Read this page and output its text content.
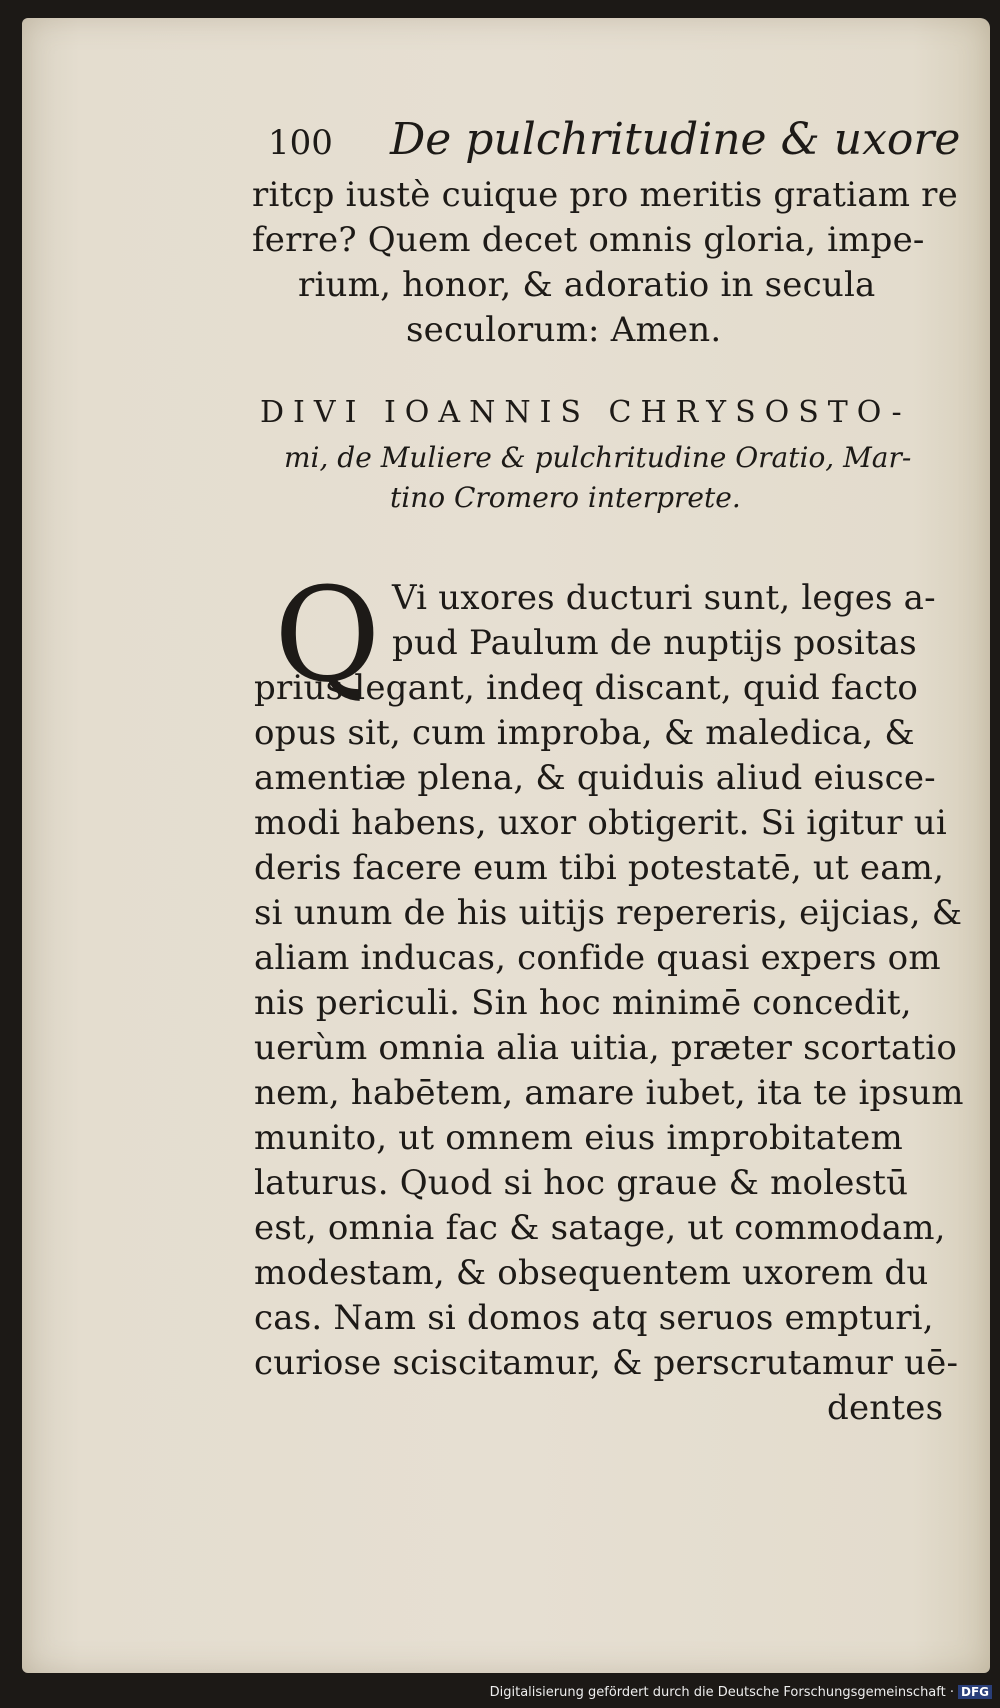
100 De pulchritudine & uxore
ritcp iustè cuique pro meritis gratiam re
ferre? Quem decet omnis gloria, impe-
rium, honor, & adoratio in secula
seculorum: Amen.
DIVI IOANNIS CHRYSOSTO-
mi, de Muliere & pulchritudine Oratio, Mar-
tino Cromero interprete.
Q Vi uxores ducturi sunt, leges a-
pud Paulum de nuptijs positas
prius legant, indeq discant, quid facto
opus sit, cum improba, & maledica, &
amentiæ plena, & quiduis aliud eiusce-
modi habens, uxor obtigerit. Si igitur ui
deris facere eum tibi potestatē, ut eam,
si unum de his uitijs repereris, eijcias, &
aliam inducas, confide quasi expers om
nis periculi. Sin hoc minimē concedit,
uerùm omnia alia uitia, præter scortatio
nem, habētem, amare iubet, ita te ipsum
munito, ut omnem eius improbitatem
laturus. Quod si hoc graue & molestū
est, omnia fac & satage, ut commodam,
modestam, & obsequentem uxorem du
cas. Nam si domos atq seruos empturi,
curiose sciscitamur, & perscrutamur uē-
dentes
Digitalisierung gefördert durch die Deutsche Forschungsgemeinschaft · DFG
